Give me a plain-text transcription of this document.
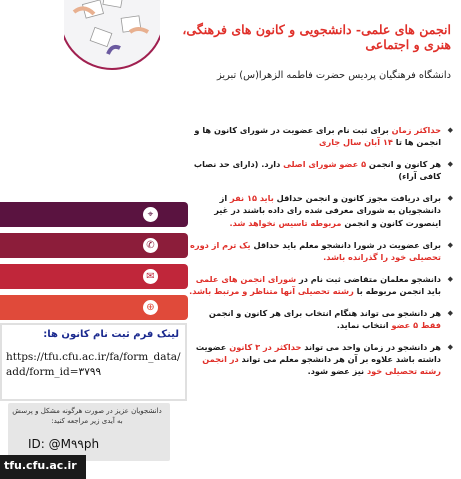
انجمن های علمی- دانشجویی و کانون های فرهنگی، هنری و اجتماعی
دانشگاه فرهنگیان پردیس حضرت فاطمه الزهرا(س) تبریز
◆ حداکثر زمان برای ثبت نام برای عضویت در شورای کانون ها و انجمن ها تا ۱۴ آبان سال جاری
◆ هر کانون و انجمن ۵ عضو شورای اصلی دارد. (دارای حد نصاب کافی آراء)
◆ برای دریافت مجوز کانون و انجمن حداقل باید ۱۵ نفر از دانشجویان به شورای معرفی شده رای داده باشند در غیر اینصورت کانون و انجمن مربوطه تاسیس نخواهد شد.
◆ برای عضویت در شورا دانشجو معلم باید حداقل یک ترم از دوره تحصیلی خود را گذرانده باشد.
◆ دانشجو معلمان متقاضی ثبت نام در شورای انجمن های علمی باید انجمن مربوطه با رشته تحصیلی آنها متناظر و مرتبط باشد.
◆ هر دانشجو می تواند هنگام انتخاب برای هر کانون و انجمن فقط ۵ عضو انتخاب نماید.
◆ هر دانشجو در زمان واحد می تواند حداکثر در ۳ کانون عضویت داشته باشد علاوه بر آن هر دانشجو معلم می تواند در انجمن رشته تحصیلی خود نیز عضو شود.
⌖
✆
✉
⊕
لینک فرم ثبت نام کانون ها:
https://tfu.cfu.ac.ir/fa/form_data/add/form_id=۳۷۹۹
دانشجویان عزیز در صورت هرگونه مشکل و پرسش به آیدی زیر مراجعه کنید:
ID: @M۹۹ph
tfu.cfu.ac.ir
